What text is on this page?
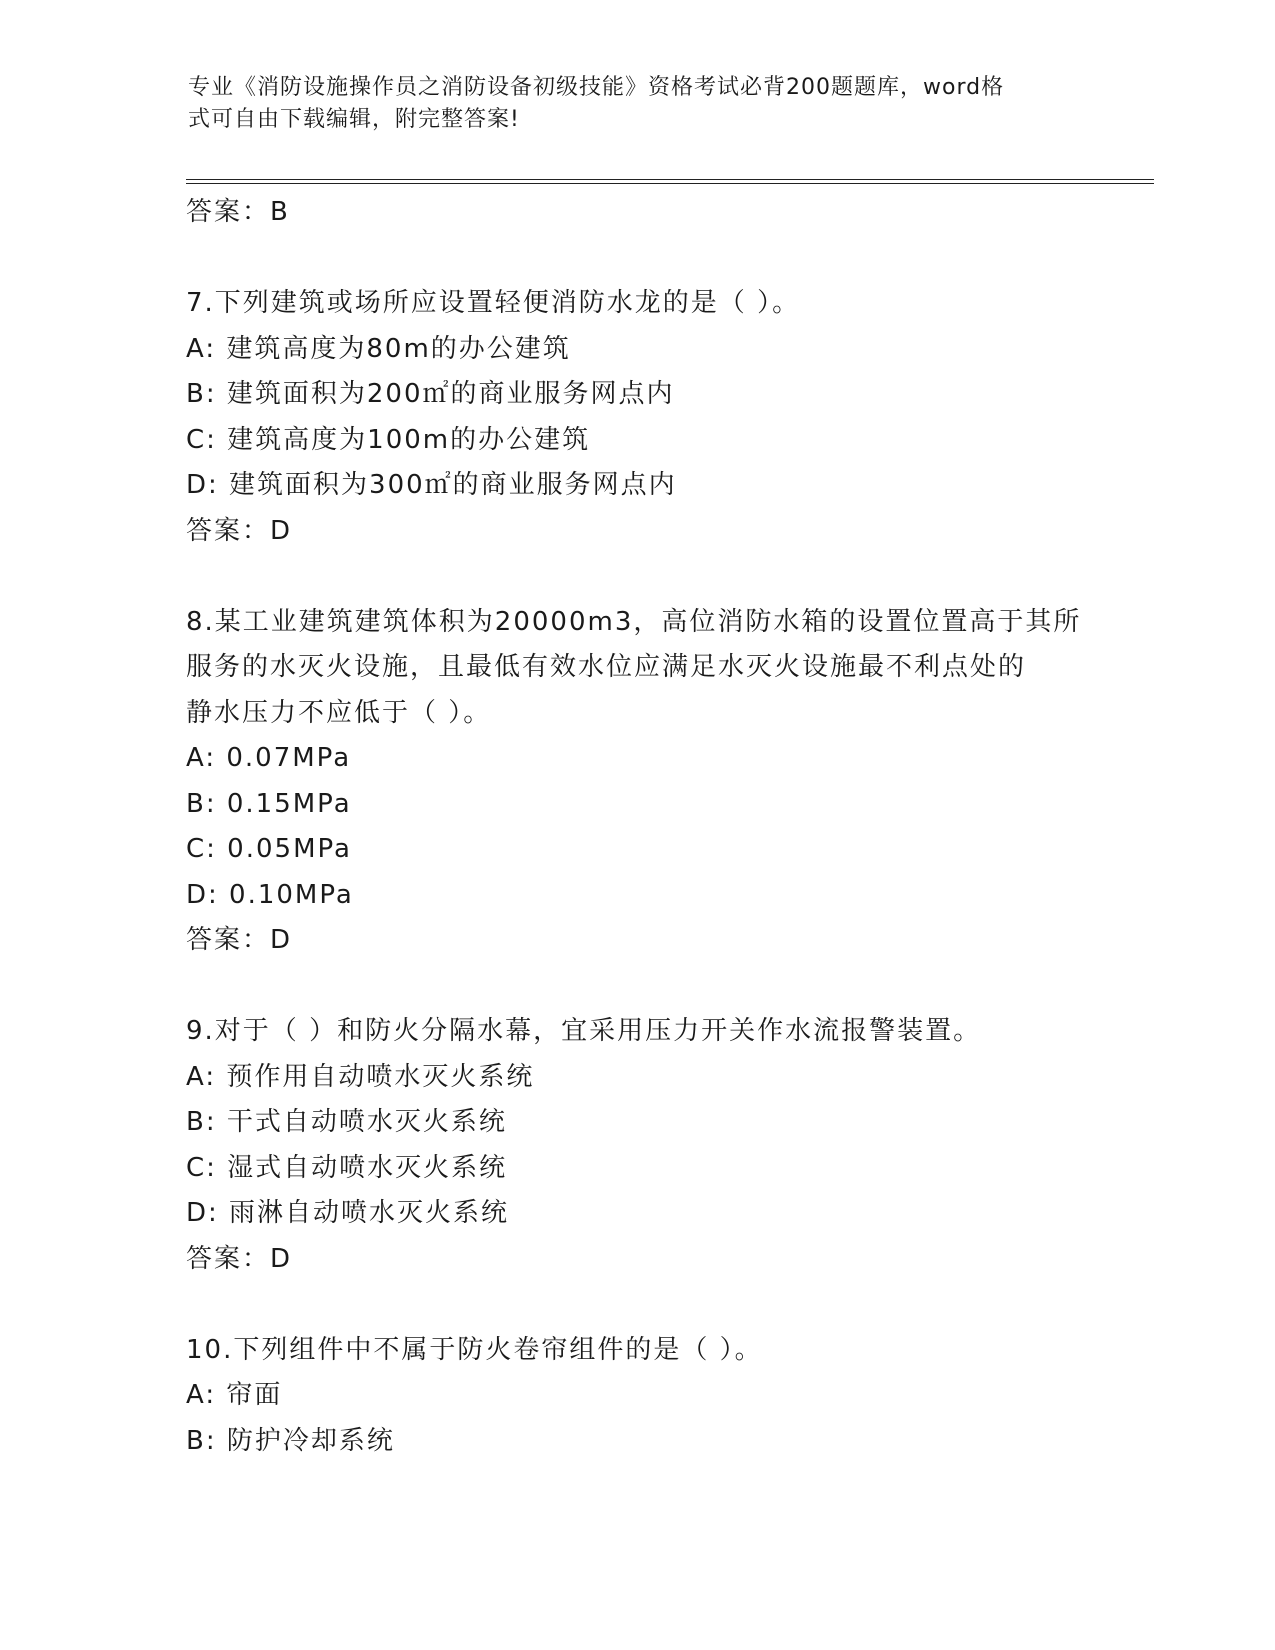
专业《消防设施操作员之消防设备初级技能》资格考试必背200题题库，word格
式可自由下载编辑，附完整答案!
答案：B
7.下列建筑或场所应设置轻便消防水龙的是（ ）。
A: 建筑高度为80m的办公建筑
B: 建筑面积为200㎡的商业服务网点内
C: 建筑高度为100m的办公建筑
D: 建筑面积为300㎡的商业服务网点内
答案：D
8.某工业建筑建筑体积为20000m3，高位消防水箱的设置位置高于其所
服务的水灭火设施，且最低有效水位应满足水灭火设施最不利点处的
静水压力不应低于（ ）。
A: 0.07MPa
B: 0.15MPa
C: 0.05MPa
D: 0.10MPa
答案：D
9.对于（ ）和防火分隔水幕，宜采用压力开关作水流报警装置。
A: 预作用自动喷水灭火系统
B: 干式自动喷水灭火系统
C: 湿式自动喷水灭火系统
D: 雨淋自动喷水灭火系统
答案：D
10.下列组件中不属于防火卷帘组件的是（ ）。
A: 帘面
B: 防护冷却系统
